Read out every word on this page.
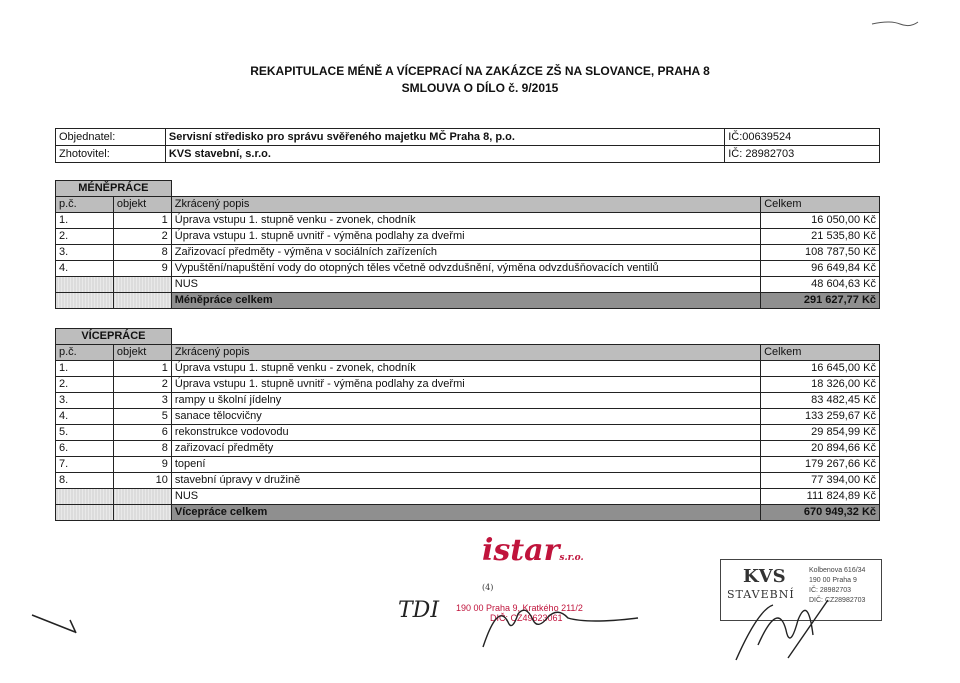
REKAPITULACE MÉNĚ A VÍCEPRACÍ NA ZAKÁZCE ZŠ NA SLOVANCE, PRAHA 8
SMLOUVA O DÍLO č. 9/2015
Objednatel:	Servisní středisko pro správu svěřeného majetku MČ Praha 8, p.o.	IČ:00639524
Zhotovitel:	KVS stavební, s.r.o.	IČ: 28982703
MÉNĚPRÁCE			
p.č.	objekt	Zkrácený popis	Celkem
1.	1	Úprava vstupu 1. stupně venku - zvonek, chodník	16 050,00 Kč
2.	2	Úprava vstupu 1. stupně uvnitř - výměna podlahy za dveřmi	21 535,80 Kč
3.	8	Zařizovací předměty - výměna v sociálních zařízeních	108 787,50 Kč
4.	9	Vypuštění/napuštění vody do otopných těles včetně odvzdušnění, výměna odvzdušňovacích ventilů	96 649,84 Kč
		NUS	48 604,63 Kč
		Méněpráce celkem	291 627,77 Kč
VÍCEPRÁCE			
p.č.	objekt	Zkrácený popis	Celkem
1.	1	Úprava vstupu 1. stupně venku - zvonek, chodník	16 645,00 Kč
2.	2	Úprava vstupu 1. stupně uvnitř - výměna podlahy za dveřmi	18 326,00 Kč
3.	3	rampy u školní jídelny	83 482,45 Kč
4.	5	sanace tělocvičny	133 259,67 Kč
5.	6	rekonstrukce vodovodu	29 854,99 Kč
6.	8	zařizovací předměty	20 894,66 Kč
7.	9	topení	179 267,66 Kč
8.	10	stavební úpravy v družině	77 394,00 Kč
		NUS	111 824,89 Kč
		Vícepráce celkem	670 949,32 Kč
istars.r.o. $^{(4)}$
190 00 Praha 9, Kratkého 211/2
DIČ: CZ49623061
KVS
STAVEBNÍ
Kolbenova 616/34
190 00 Praha 9
IČ: 28982703
DIČ: CZ28982703
TDI
